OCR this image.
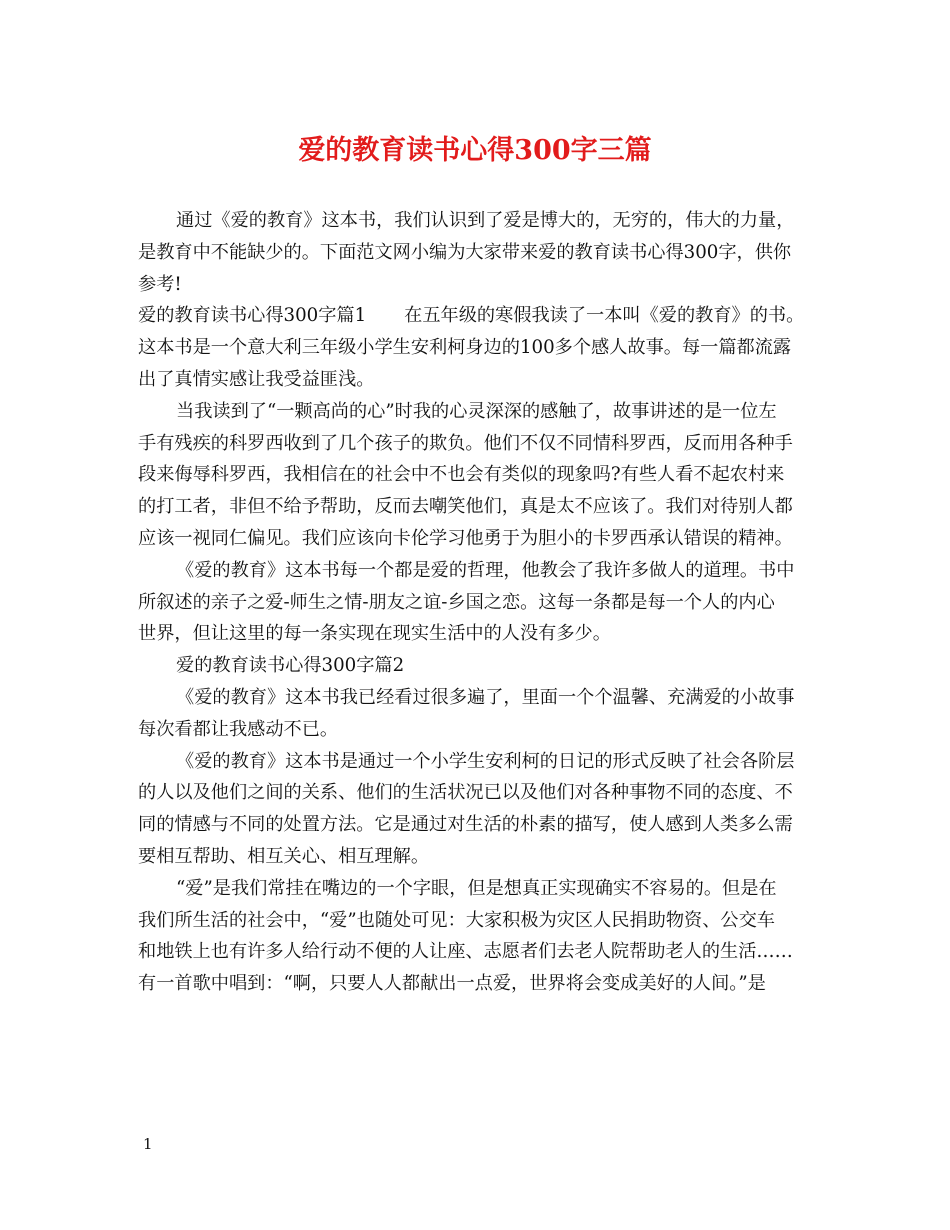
爱的教育读书心得300字三篇
通过《爱的教育》这本书，我们认识到了爱是博大的，无穷的，伟大的力量，
是教育中不能缺少的。下面范文网小编为大家带来爱的教育读书心得300字，供你
参考!
爱的教育读书心得300字篇1 在五年级的寒假我读了一本叫《爱的教育》的书。
这本书是一个意大利三年级小学生安利柯身边的100多个感人故事。每一篇都流露
出了真情实感让我受益匪浅。
当我读到了“一颗高尚的心”时我的心灵深深的感触了，故事讲述的是一位左
手有残疾的科罗西收到了几个孩子的欺负。他们不仅不同情科罗西，反而用各种手
段来侮辱科罗西，我相信在的社会中不也会有类似的现象吗?有些人看不起农村来
的打工者，非但不给予帮助，反而去嘲笑他们，真是太不应该了。我们对待别人都
应该一视同仁偏见。我们应该向卡伦学习他勇于为胆小的卡罗西承认错误的精神。
《爱的教育》这本书每一个都是爱的哲理，他教会了我许多做人的道理。书中
所叙述的亲子之爱-师生之情-朋友之谊-乡国之恋。这每一条都是每一个人的内心
世界，但让这里的每一条实现在现实生活中的人没有多少。
爱的教育读书心得300字篇2
《爱的教育》这本书我已经看过很多遍了，里面一个个温馨、充满爱的小故事
每次看都让我感动不已。
《爱的教育》这本书是通过一个小学生安利柯的日记的形式反映了社会各阶层
的人以及他们之间的关系、他们的生活状况已以及他们对各种事物不同的态度、不
同的情感与不同的处置方法。它是通过对生活的朴素的描写，使人感到人类多么需
要相互帮助、相互关心、相互理解。
“爱”是我们常挂在嘴边的一个字眼，但是想真正实现确实不容易的。但是在
我们所生活的社会中，“爱”也随处可见：大家积极为灾区人民捐助物资、公交车
和地铁上也有许多人给行动不便的人让座、志愿者们去老人院帮助老人的生活……
有一首歌中唱到：“啊，只要人人都献出一点爱，世界将会变成美好的人间。”是
1
